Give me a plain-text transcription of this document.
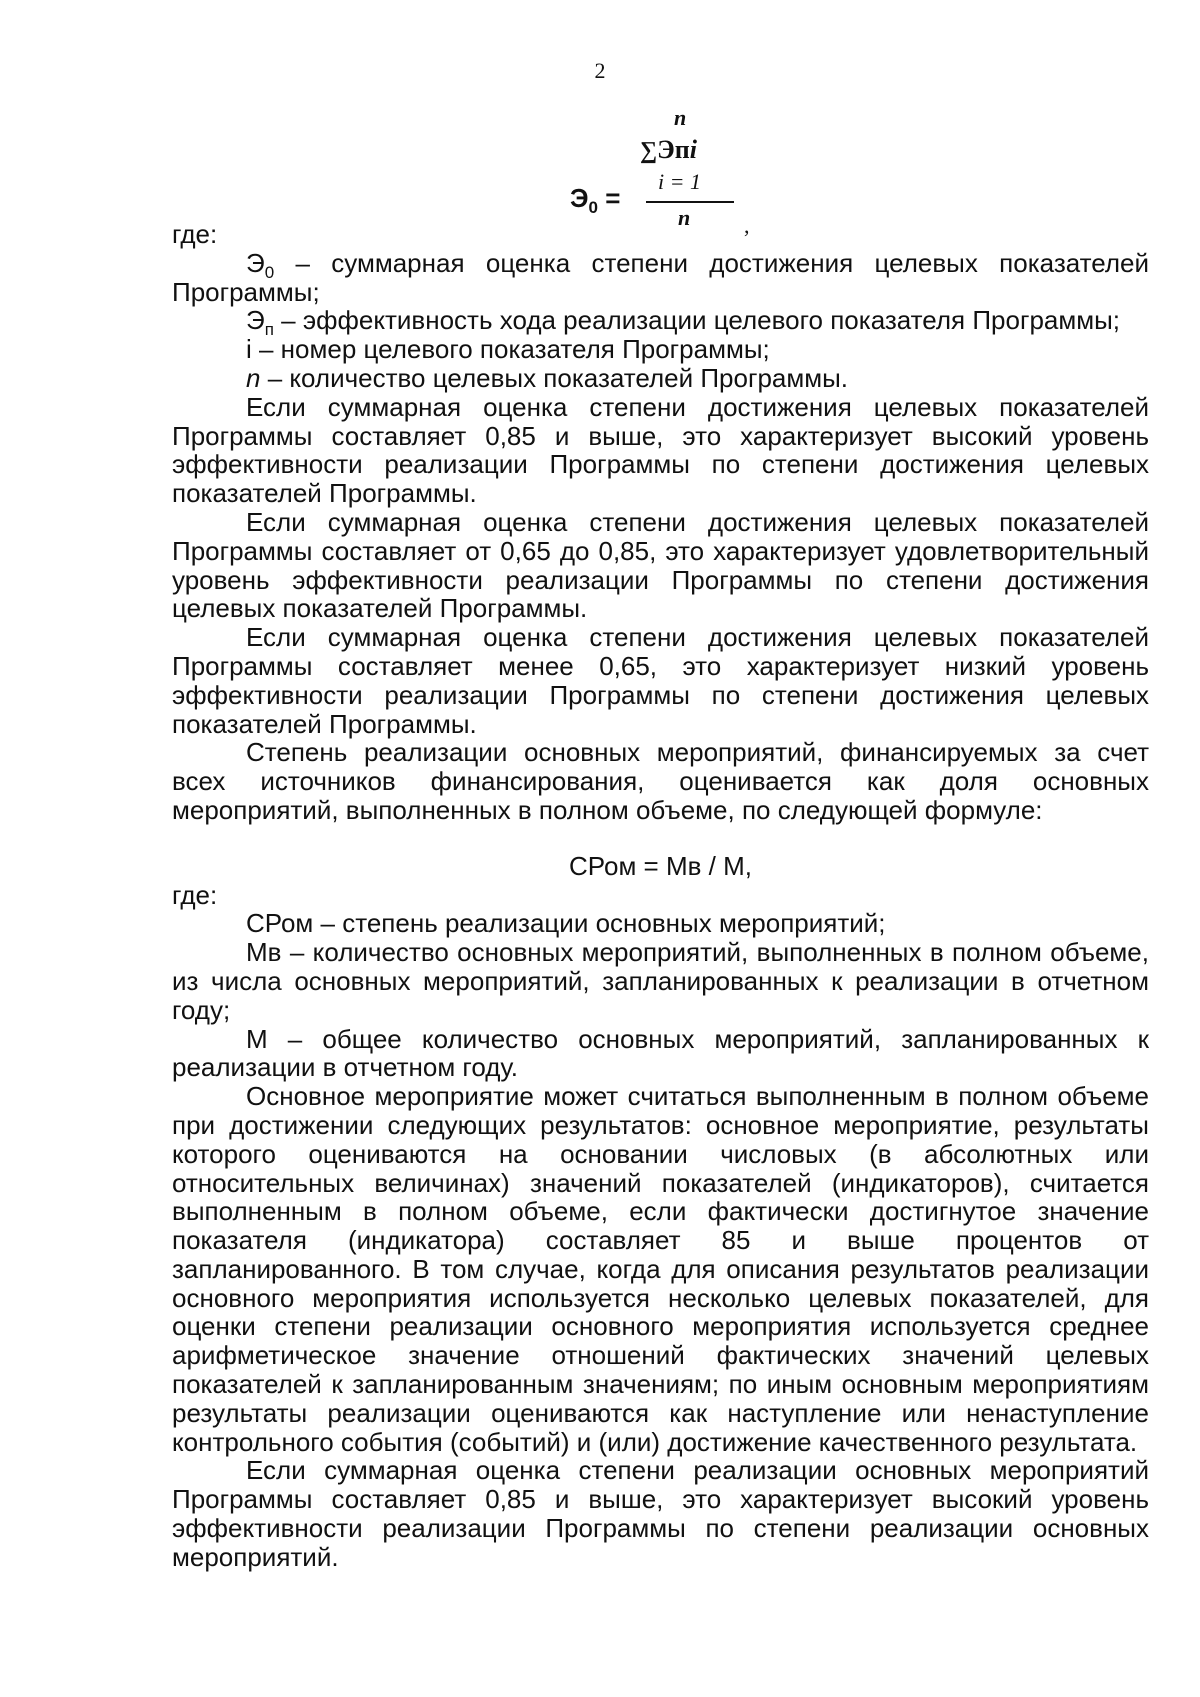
2
n
∑Эпi
$Э_0$ =
i = 1
n ,

где:

$Э_0$ – суммарная оценка степени достижения целевых показателей Программы;

$Э_п$ – эффективность хода реализации целевого показателя Программы;

i – номер целевого показателя Программы;

n – количество целевых показателей Программы.

Если суммарная оценка степени достижения целевых показателей Программы составляет 0,85 и выше, это характеризует высокий уровень эффективности реализации Программы по степени достижения целевых показателей Программы.

Если суммарная оценка степени достижения целевых показателей Программы составляет от 0,65 до 0,85, это характеризует удовлетворительный уровень эффективности реализации Программы по степени достижения целевых показателей Программы.

Если суммарная оценка степени достижения целевых показателей Программы составляет менее 0,65, это характеризует низкий уровень эффективности реализации Программы по степени достижения целевых показателей Программы.

Степень реализации основных мероприятий, финансируемых за счет всех источников финансирования, оценивается как доля основных мероприятий, выполненных в полном объеме, по следующей формуле:

СРом = Мв / М,

где:

СРом – степень реализации основных мероприятий;

Мв – количество основных мероприятий, выполненных в полном объеме, из числа основных мероприятий, запланированных к реализации в отчетном году;

М – общее количество основных мероприятий, запланированных к реализации в отчетном году.

Основное мероприятие может считаться выполненным в полном объеме при достижении следующих результатов: основное мероприятие, результаты которого оцениваются на основании числовых (в абсолютных или относительных величинах) значений показателей (индикаторов), считается выполненным в полном объеме, если фактически достигнутое значение показателя (индикатора) составляет 85 и выше процентов от запланированного. В том случае, когда для описания результатов реализации основного мероприятия используется несколько целевых показателей, для оценки степени реализации основного мероприятия используется среднее арифметическое значение отношений фактических значений целевых показателей к запланированным значениям; по иным основным мероприятиям результаты реализации оцениваются как наступление или ненаступление контрольного события (событий) и (или) достижение качественного результата.

Если суммарная оценка степени реализации основных мероприятий Программы составляет 0,85 и выше, это характеризует высокий уровень эффективности реализации Программы по степени реализации основных мероприятий.
